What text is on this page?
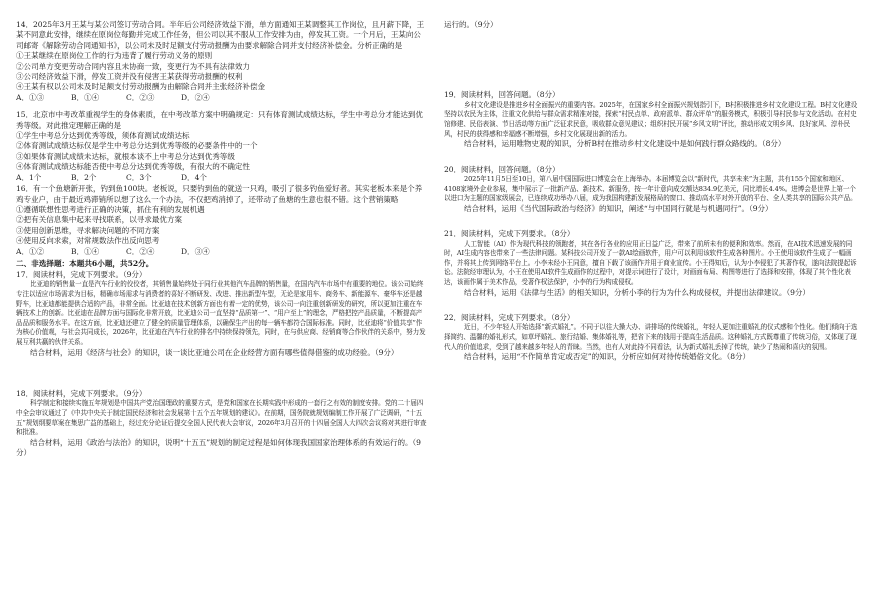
14．2025年3月王某与某公司签订劳动合同。半年后公司经济效益下滑，单方面通知王某调整其工作岗位，且月薪下降，王某不同意此安排，继续在原岗位每勤并完成工作任务，但公司以其不服从工作安排为由，停发其工资。一个月后，王某向公司邮寄《解除劳动合同通知书》，以公司未及时足额支付劳动报酬为由要求解除合同并支付经济补偿金。分析正确的是

①王某继续在原岗位工作的行为违背了履行劳动义务的原则

②公司单方变更劳动合同内容且未协商一致，变更行为不具有法律效力

③公司经济效益下滑，停发工资并没有侵害王某获得劳动报酬的权利

④王某有权以公司未及时足额支付劳动报酬为由解除合同并主张经济补偿金

A．①③	B．①④	C．②③	D．②④

15．北京市中考改革重视学生的身体素质，在中考改革方案中明确规定：只有体育测试成绩达标，学生中考总分才能达到优秀等级。对此推定理解正确的是

①学生中考总分达到优秀等级，须体育测试成绩达标

②体育测试成绩达标仅是学生中考总分达到优秀等级的必要条件中的一个

③如果体育测试成绩未达标，就根本谈不上中考总分达到优秀等级

④体育测试成绩达标能否使中考总分达到优秀等级，有很大的不确定性

A．1个	B．2个	C．3个	D．4个

16．有一个鱼塘新开张，钓到鱼100块。老板说，只要钓到鱼的就送一只鸡，吸引了很多钓鱼爱好者。其实老板本来是个养鸡专业户，由于最近鸡滞销所以想了这么一个办法，不仅把鸡消掉了，还带动了鱼塘的生意也很不错。这个营销策略

①遵循联想性思考进行正确的决策，抓住有利的发展机遇

②把有关信息集中起来寻找联系，以寻求最优方案

③使用创新思维，寻求解决问题的不同方案

④使用反向求索，对常规数法作出反向思考

A．①②	B．①④	C．②④	D．③④

二、非选择题：本题共6小题，共52分。

17．阅读材料，完成下列要求。（9分）

比亚迪的销售量一直是汽车行业的佼佼者，其销售量始终处于同行业其他汽车品牌的销售量，在国内汽车市场中有重要的地位。该公司始终专注以适应市场需求为目标，精确市场需求与消费者的喜好不断研发、改进、推出新型车型，无论是家用车、商务车、新能源车、豪华车还是越野车，比亚迪都能提供合适的产品，非常全面。比亚迪在技术创新方面也有着一定的优势，该公司一向注重创新研发的研究，所以更加注重在车辆技术上的创新。比亚迪在品牌方面与国际化非常开放，比亚迪公司一直坚持“品质第一”、“用户至上”的理念，严格把控产品质量，不断提高产品品质和服务水平。在这方面，比亚迪还建立了健全的质量管理体系，以确保生产出的每一辆车都符合国际标准。同时，比亚迪将“价值共享”作为核心价值观，与社会共同成长，2026年，比亚迪在汽车行业的排名中持续保持领先，同时，在与供应商、经销商等合作伙伴的关系中，努力发展互利共赢的伙伴关系。

结合材料，运用《经济与社会》的知识，谈一谈比亚迪公司在企业经营方面有哪些值得借鉴的成功经验。（9分）

18．阅读材料，完成下列要求。（9分）

科学制定和接续实施五年规划是中国共产党治国理政的重要方式，是党和国家在长期实践中形成的一套行之有效的制度安排。党的二十届四中全会审议通过了《中共中央关于制定国民经济和社会发展第十五个五年规划的建议》。在前期，国务院就规划编制工作开展了广泛调研，“十五五”规划纲要草案在集思广益的基础上，经过充分论证后提交全国人民代表大会审议，2026年3月召开的十四届全国人大四次会议将对其进行审查和批准。

结合材料，运用《政治与法治》的知识，说明“十五五”规划的制定过程是如何体现我国国家治理体系的有效运行的。（9分）

运行的。（9分）

19．阅读材料，回答问题。（8分）

乡村文化建设是推进乡村全面振兴的重要内容。2025年，在国家乡村全面振兴规划指引下，B村积极推进乡村文化建设工程。B村文化建设坚持以农民为主体，注重文化供给与群众需求精准对接，探索“村民点单、政府派单、群众评单”的服务模式，积极引导村民参与文化活动。在村史馆修建、民俗表演、节日活动等方面广泛征求民意，吸收群众意见建议；组织村民开展“乡风文明”评比，推动形成文明乡风、良好家风、淳朴民风，村民的获得感和幸福感不断增强，乡村文化展现出新的活力。

结合材料，运用唯物史观的知识，分析B村在推动乡村文化建设中是如何践行群众路线的。（8分）

20．阅读材料，回答问题。（8分）

2025年11月5日至10日，第八届中国国际进口博览会在上海举办。本届博览会以“新时代，共享未来”为主题，共有155个国家和地区、4108家境外企业参展，集中展示了一批新产品、新技术、新服务，按一年计意向成交额达834.9亿美元，同比增长4.4%。进博会是世界上第一个以进口为主题的国家级展会，已连续成功举办八届，成为我国构建新发展格局的窗口、推动高水平对外开放的平台、全人类共享的国际公共产品。

结合材料，运用《当代国际政治与经济》的知识，阐述“与中国同行就是与机遇同行”。（9分）

21．阅读材料，完成下列要求。（8分）

人工智能（AI）作为现代科技的领跑者，其在各行各业的应用正日益广泛，带来了前所未有的便利和效率。然而，在AI技术迅速发展的同时，AI生成内容也带来了一些法律问题。某科技公司开发了一款AI绘画软件，用户可以利用该软件生成各种图片。小王使用该软件生成了一幅画作，并将其上传到网络平台上。小李未经小王同意，擅自下载了该画作并用于商业宣传。小王得知后，认为小李侵犯了其著作权，遂向法院提起诉讼。法院经审理认为，小王在使用AI软件生成画作的过程中，对提示词进行了设计，对画面布局、构图等进行了选择和安排，体现了其个性化表达，该画作属于美术作品，受著作权法保护，小李的行为构成侵权。

结合材料，运用《法律与生活》的相关知识，分析小李的行为为什么构成侵权，并提出法律建议。（9分）

22．阅读材料，完成下列要求。（8分）

近日，不少年轻人开始选择“新式婚礼”。不同于以往大操大办、讲排场的传统婚礼，年轻人更加注重婚礼的仪式感和个性化。他们倾向于选择简约、温馨的婚礼形式，如草坪婚礼、旅行结婚、集体婚礼等，把省下来的钱用于提高生活品质。这种婚礼方式既尊重了传统习俗，又体现了现代人的价值追求，受到了越来越多年轻人的青睐。当然，也有人对此持不同看法，认为新式婚礼丢掉了传统，缺少了热闹和喜庆的氛围。

结合材料，运用“不作简单肯定或否定”的知识，分析应如何对待传统婚俗文化。（8分）
